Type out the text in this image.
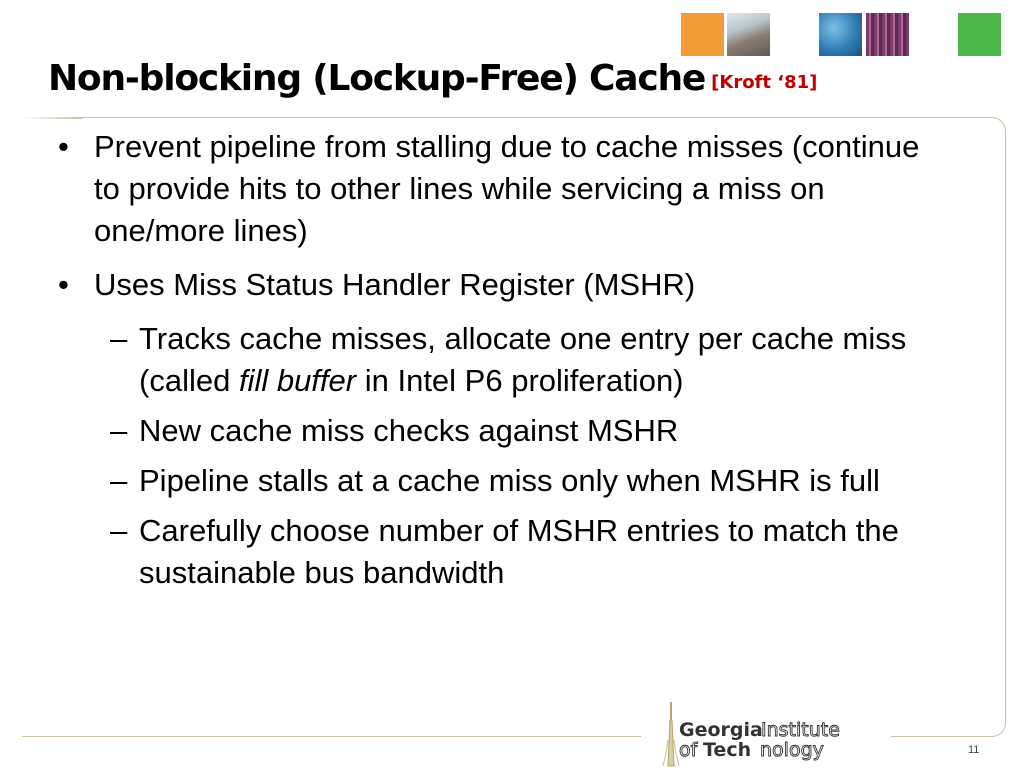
Non-blocking (Lockup-Free) Cache [Kroft ‘81]
• Prevent pipeline from stalling due to cache misses (continue to provide hits to other lines while servicing a miss on one/more lines)
• Uses Miss Status Handler Register (MSHR)
– Tracks cache misses, allocate one entry per cache miss (called fill buffer in Intel P6 proliferation)
– New cache miss checks against MSHR
– Pipeline stalls at a cache miss only when MSHR is full
– Carefully choose number of MSHR entries to match the sustainable bus bandwidth
Georgia
Institute
of Tech nology	11
